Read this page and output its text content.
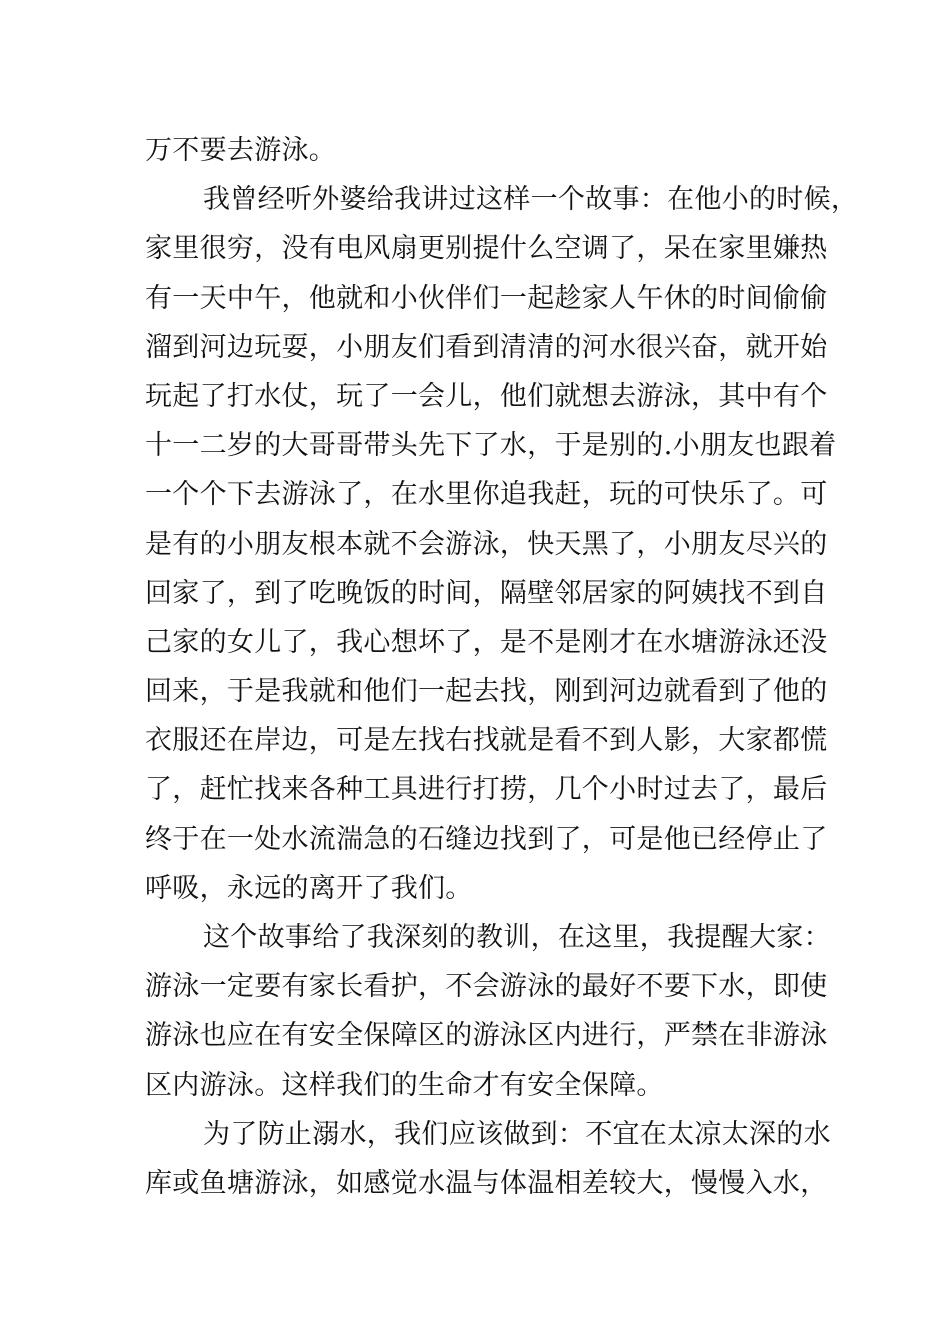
万不要去游泳。
我曾经听外婆给我讲过这样一个故事：在他小的时候，
家里很穷，没有电风扇更别提什么空调了，呆在家里嫌热
有一天中午，他就和小伙伴们一起趁家人午休的时间偷偷
溜到河边玩耍，小朋友们看到清清的河水很兴奋，就开始
玩起了打水仗，玩了一会儿，他们就想去游泳，其中有个
十一二岁的大哥哥带头先下了水，于是别的.小朋友也跟着
一个个下去游泳了，在水里你追我赶，玩的可快乐了。可
是有的小朋友根本就不会游泳，快天黑了，小朋友尽兴的
回家了，到了吃晚饭的时间，隔壁邻居家的阿姨找不到自
己家的女儿了，我心想坏了，是不是刚才在水塘游泳还没
回来，于是我就和他们一起去找，刚到河边就看到了他的
衣服还在岸边，可是左找右找就是看不到人影，大家都慌
了，赶忙找来各种工具进行打捞，几个小时过去了，最后
终于在一处水流湍急的石缝边找到了，可是他已经停止了
呼吸，永远的离开了我们。
这个故事给了我深刻的教训，在这里，我提醒大家：
游泳一定要有家长看护，不会游泳的最好不要下水，即使
游泳也应在有安全保障区的游泳区内进行，严禁在非游泳
区内游泳。这样我们的生命才有安全保障。
为了防止溺水，我们应该做到：不宜在太凉太深的水
库或鱼塘游泳，如感觉水温与体温相差较大，慢慢入水，
